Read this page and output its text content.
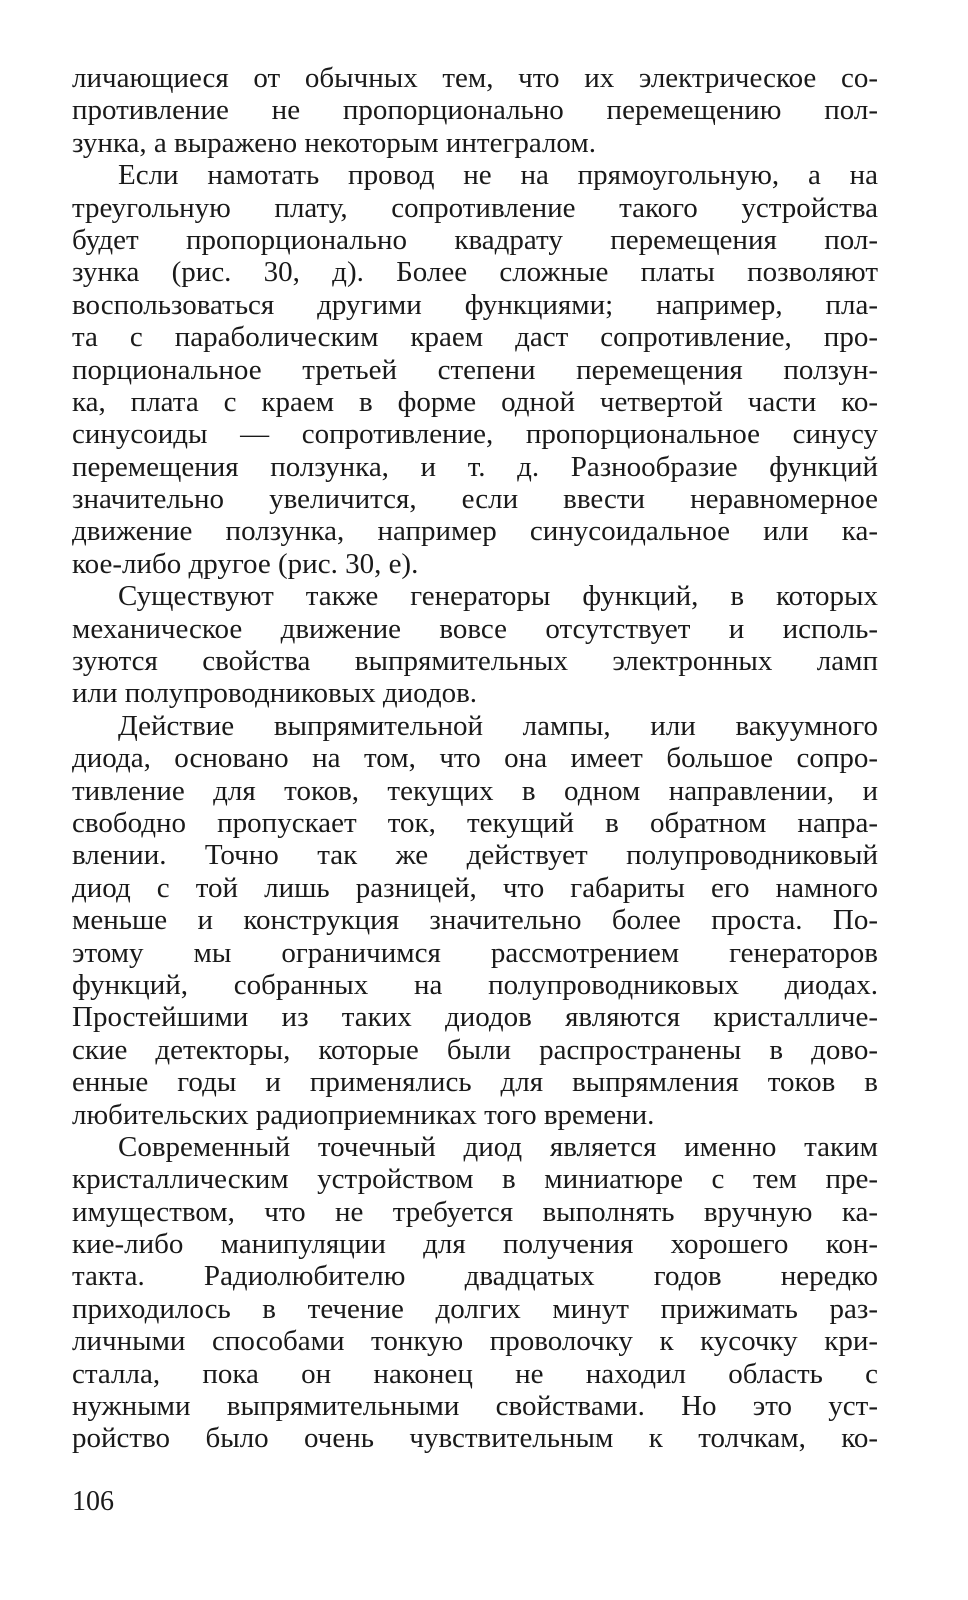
личающиеся от обычных тем, что их электрическое со-
противление не пропорционально перемещению пол-
зунка, а выражено некоторым интегралом.
Если намотать провод не на прямоугольную, а на
треугольную плату, сопротивление такого устройства
будет пропорционально квадрату перемещения пол-
зунка (рис. 30, д). Более сложные платы позволяют
воспользоваться другими функциями; например, пла-
та с параболическим краем даст сопротивление, про-
порциональное третьей степени перемещения ползун-
ка, плата с краем в форме одной четвертой части ко-
синусоиды — сопротивление, пропорциональное синусу
перемещения ползунка, и т. д. Разнообразие функций
значительно увеличится, если ввести неравномерное
движение ползунка, например синусоидальное или ка-
кое-либо другое (рис. 30, е).
Существуют также генераторы функций, в которых
механическое движение вовсе отсутствует и исполь-
зуются свойства выпрямительных электронных ламп
или полупроводниковых диодов.
Действие выпрямительной лампы, или вакуумного
диода, основано на том, что она имеет большое сопро-
тивление для токов, текущих в одном направлении, и
свободно пропускает ток, текущий в обратном напра-
влении. Точно так же действует полупроводниковый
диод с той лишь разницей, что габариты его намного
меньше и конструкция значительно более проста. По-
этому мы ограничимся рассмотрением генераторов
функций, собранных на полупроводниковых диодах.
Простейшими из таких диодов являются кристалличе-
ские детекторы, которые были распространены в дово-
енные годы и применялись для выпрямления токов в
любительских радиоприемниках того времени.
Современный точечный диод является именно таким
кристаллическим устройством в миниатюре с тем пре-
имуществом, что не требуется выполнять вручную ка-
кие-либо манипуляции для получения хорошего кон-
такта. Радиолюбителю двадцатых годов нередко
приходилось в течение долгих минут прижимать раз-
личными способами тонкую проволочку к кусочку кри-
сталла, пока он наконец не находил область с
нужными выпрямительными свойствами. Но это уст-
ройство было очень чувствительным к толчкам, ко-
106
